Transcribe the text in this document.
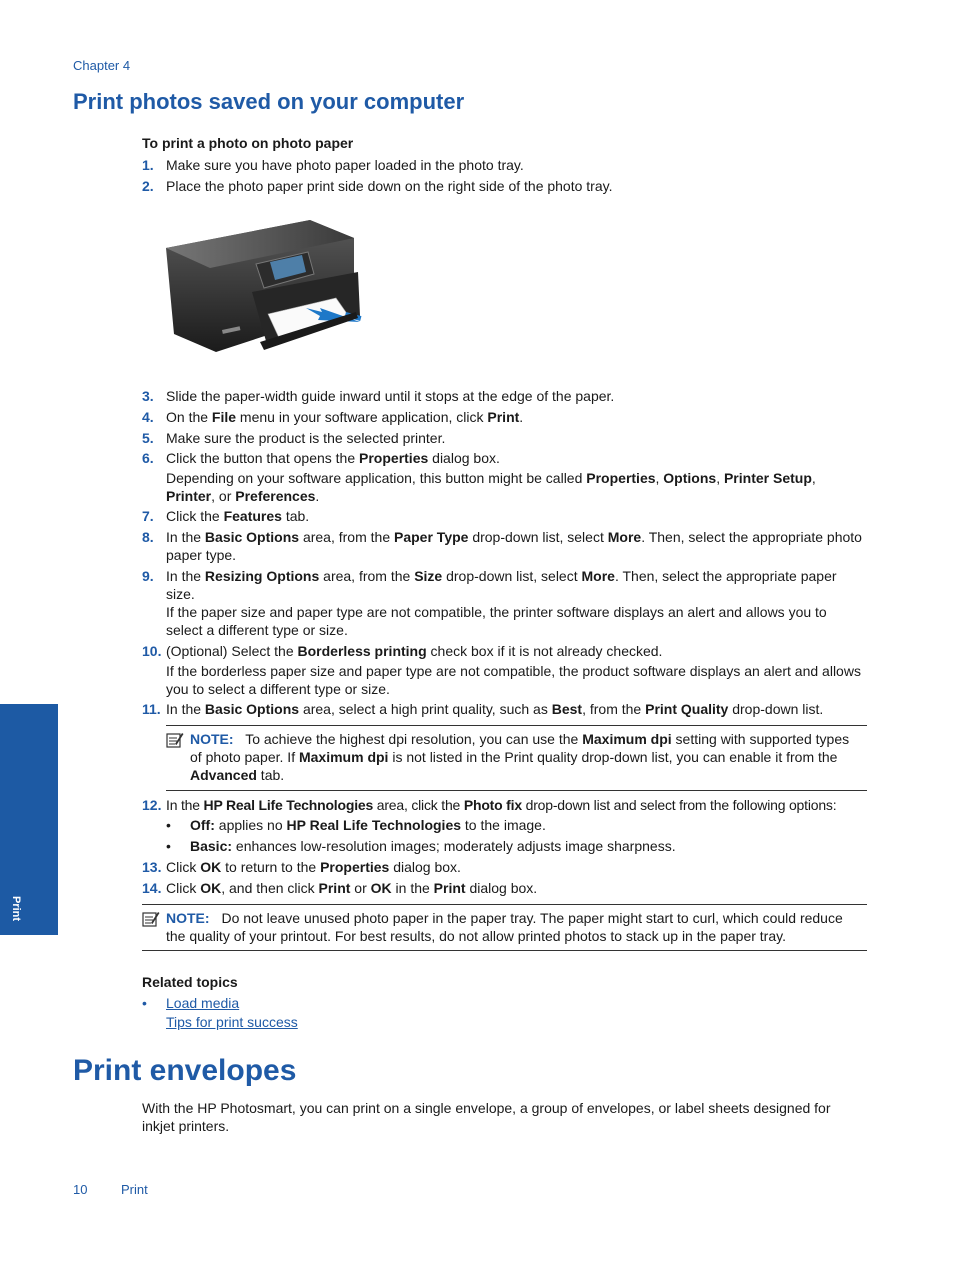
Chapter 4
Print photos saved on your computer
To print a photo on photo paper
1. Make sure you have photo paper loaded in the photo tray.
2. Place the photo paper print side down on the right side of the photo tray.
3. Slide the paper-width guide inward until it stops at the edge of the paper.
4. On the File menu in your software application, click Print.
5. Make sure the product is the selected printer.
6. Click the button that opens the Properties dialog box.
Depending on your software application, this button might be called Properties, Options, Printer Setup,
Printer, or Preferences.
7. Click the Features tab.
8. In the Basic Options area, from the Paper Type drop-down list, select More. Then, select the appropriate photo
paper type.
9. In the Resizing Options area, from the Size drop-down list, select More. Then, select the appropriate paper
size.
If the paper size and paper type are not compatible, the printer software displays an alert and allows you to
select a different type or size.
10. (Optional) Select the Borderless printing check box if it is not already checked.
If the borderless paper size and paper type are not compatible, the product software displays an alert and allows
you to select a different type or size.
11. In the Basic Options area, select a high print quality, such as Best, from the Print Quality drop-down list.
NOTE: To achieve the highest dpi resolution, you can use the Maximum dpi setting with supported types
of photo paper. If Maximum dpi is not listed in the Print quality drop-down list, you can enable it from the
Advanced tab.
12. In the HP Real Life Technologies area, click the Photo fix drop-down list and select from the following options:
• Off: applies no HP Real Life Technologies to the image.
• Basic: enhances low-resolution images; moderately adjusts image sharpness.
13. Click OK to return to the Properties dialog box.
14. Click OK, and then click Print or OK in the Print dialog box.
NOTE: Do not leave unused photo paper in the paper tray. The paper might start to curl, which could reduce
the quality of your printout. For best results, do not allow printed photos to stack up in the paper tray.
Related topics
• Load media
Tips for print success
Print envelopes
With the HP Photosmart, you can print on a single envelope, a group of envelopes, or label sheets designed for
inkjet printers.
Print
10	Print
